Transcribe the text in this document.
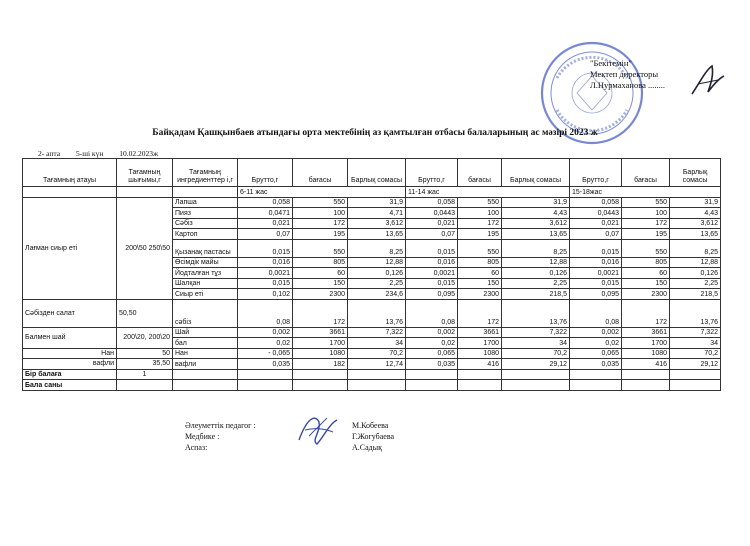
"Бекітемін"
Мектеп директоры
Л.Нурмаханова ........
Байқадам Қашқынбаев атындағы орта мектебінің аз қамтылған отбасы балаларының ас мәзірі 2023 ж
2- апта 5-ші күн 10.02.2023ж
Тағамның атауы	Тағамның шығымы,г	Тағамның ингредиенттер і,г	Брутто,г	бағасы	Барлық сомасы	Брутто,г	бағасы	Барлық сомасы	Брутто,г	бағасы	Барлық сомасы
			6-11 жас			11-14 жас			15-18жас		
Лағман сиыр еті	200\50 250\50	Лапша	0,058	550	31,9	0,058	550	31,9	0,058	550	31,9
		Пияз	0,0471	100	4,71	0,0443	100	4,43	0,0443	100	4,43
		Сәбіз	0,021	172	3,612	0,021	172	3,612	0,021	172	3,612
		Картоп	0,07	195	13,65	0,07	195	13,65	0,07	195	13,65
		Қызанақ пастасы	0,015	550	8,25	0,015	550	8,25	0,015	550	8,25
		Өсімдік майы	0,016	805	12,88	0,016	805	12,88	0,016	805	12,88
		Йодталған тұз	0,0021	60	0,126	0,0021	60	0,126	0,0021	60	0,126
		Шалқан	0,015	150	2,25	0,015	150	2,25	0,015	150	2,25
		Сиыр еті	0,102	2300	234,6	0,095	2300	218,5	0,095	2300	218,5
Сәбізден салат	50,50	сәбіз	0,08	172	13,76	0,08	172	13,76	0,08	172	13,76
Балмен шай	200\20, 200\20	Шай	0,002	3661	7,322	0,002	3661	7,322	0,002	3661	7,322
		бал	0,02	1700	34	0,02	1700	34	0,02	1700	34
Нан	50	Нан	- 0,065	1080	70,2	0,065	1080	70,2	0,065	1080	70,2
вафли	35,50	вафли	0,035	182	12,74	0,035	416	29,12	0,035	416	29,12
Бір балаға	1										
Бала саны											
Әлеуметтік педагог :	М.Кобеева
Медбике :	Г.Жогубаева
Аспаз:	А.Садық
